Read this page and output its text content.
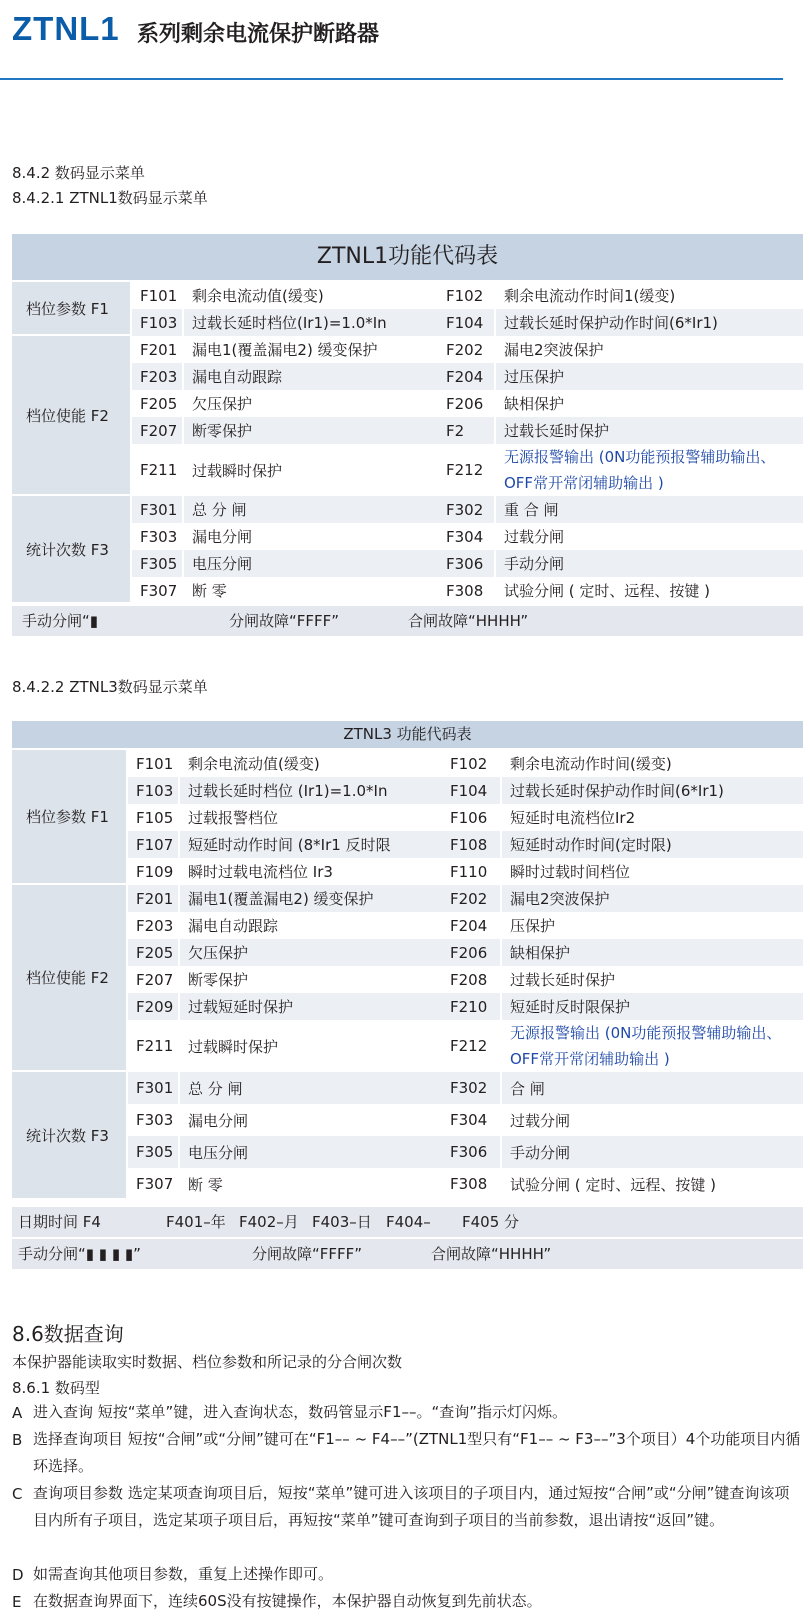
ZTNL1 系列剩余电流保护断路器
8.4.2 数码显示菜单
8.4.2.1 ZTNL1数码显示菜单
ZTNL1功能代码表
档位参数 F1	F101	剩余电流动值(缓变)	F102	剩余电流动作时间1(缓变)
	F103	过载长延时档位(Ir1)=1.0*In	F104	过载长延时保护动作时间(6*Ir1)
档位使能 F2	F201	漏电1(覆盖漏电2) 缓变保护	F202	漏电2突波保护
	F203	漏电自动跟踪	F204	过压保护
	F205	欠压保护	F206	缺相保护
	F207	断零保护	F2	过载长延时保护
	F211	过载瞬时保护	F212	无源报警输出 (0N功能预报警辅助输出、OFF常开常闭辅助输出 )
统计次数 F3	F301	总 分 闸	F302	重 合 闸
	F303	漏电分闸	F304	过载分闸
	F305	电压分闸	F306	手动分闸
	F307	断 零	F308	试验分闸 ( 定时、远程、按键 )
手动分闸“▮	分闸故障“FFFF”	合闸故障“HHHH”
8.4.2.2 ZTNL3数码显示菜单
ZTNL3 功能代码表
档位参数 F1	F101	剩余电流动值(缓变)	F102	剩余电流动作时间(缓变)
	F103	过载长延时档位 (Ir1)=1.0*In	F104	过载长延时保护动作时间(6*Ir1)
	F105	过载报警档位	F106	短延时电流档位Ir2
	F107	短延时动作时间 (8*Ir1 反时限	F108	短延时动作时间(定时限)
	F109	瞬时过载电流档位 Ir3	F110	瞬时过载时间档位
档位使能 F2	F201	漏电1(覆盖漏电2) 缓变保护	F202	漏电2突波保护
	F203	漏电自动跟踪	F204	压保护
	F205	欠压保护	F206	缺相保护
	F207	断零保护	F208	过载长延时保护
	F209	过载短延时保护	F210	短延时反时限保护
	F211	过载瞬时保护	F212	无源报警输出 (0N功能预报警辅助输出、OFF常开常闭辅助输出 )
统计次数 F3	F301	总 分 闸	F302	合 闸
	F303	漏电分闸	F304	过载分闸
	F305	电压分闸	F306	手动分闸
	F307	断 零	F308	试验分闸 ( 定时、远程、按键 )
日期时间 F4	F401–年 F402–月 F403–日 F404– F405 分
手动分闸“▮ ▮ ▮ ▮”	分闸故障“FFFF”	合闸故障“HHHH”
8.6数据查询
本保护器能读取实时数据、档位参数和所记录的分合闸次数
8.6.1 数码型
A 进入查询 短按“菜单”键，进入查询状态，数码管显示F1––。“查询”指示灯闪烁。
B 选择查询项目 短按“合闸”或“分闸”键可在“F1–– ~ F4––”(ZTNL1型只有“F1–– ~ F3––”3个项目）4个功能项目内循环选择。
C 查询项目参数 选定某项查询项目后，短按“菜单”键可进入该项目的子项目内，通过短按“合闸”或“分闸”键查询该项目内所有子项目，选定某项子项目后，再短按“菜单”键可查询到子项目的当前参数，退出请按“返回”键。
D 如需查询其他项目参数，重复上述操作即可。
E 在数据查询界面下，连续60S没有按键操作，本保护器自动恢复到先前状态。
